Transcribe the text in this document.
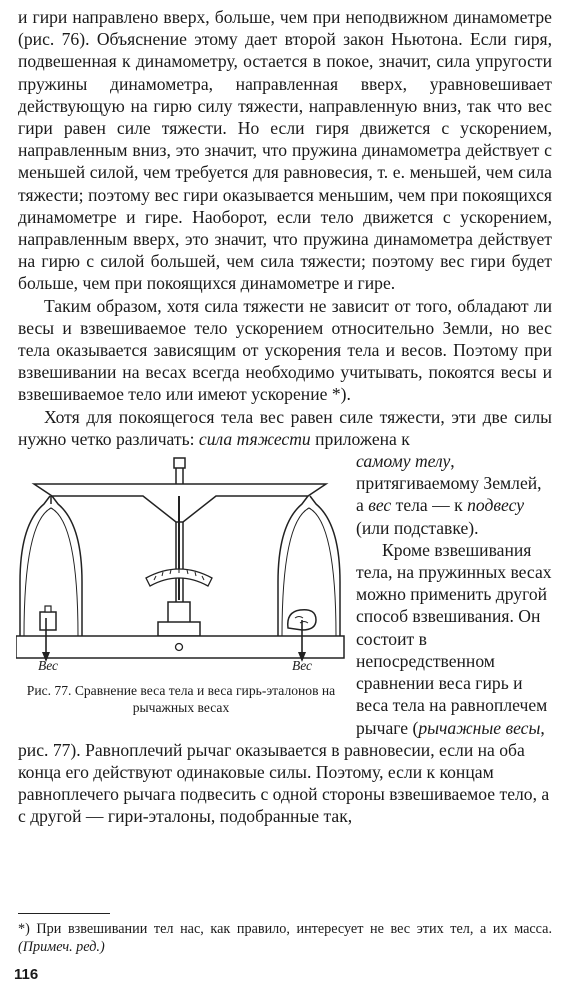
и гири направлено вверх, больше, чем при неподвижном динамометре (рис. 76). Объяснение этому дает второй закон Ньютона. Если гиря, подвешенная к динамометру, остается в покое, значит, сила упругости пружины динамометра, направленная вверх, уравновешивает действующую на гирю силу тяжести, направленную вниз, так что вес гири равен силе тяжести. Но если гиря движется с ускорением, направленным вниз, это значит, что пружина динамометра действует с меньшей силой, чем требуется для равновесия, т. е. меньшей, чем сила тяжести; поэтому вес гири оказывается меньшим, чем при покоящихся динамометре и гире. Наоборот, если тело движется с ускорением, направленным вверх, это значит, что пружина динамометра действует на гирю с силой большей, чем сила тяжести; поэтому вес гири будет больше, чем при покоящихся динамометре и гире.

Таким образом, хотя сила тяжести не зависит от того, обладают ли весы и взвешиваемое тело ускорением относительно Земли, но вес тела оказывается зависящим от ускорения тела и весов. Поэтому при взвешивании на весах всегда необходимо учитывать, покоятся весы и взвешиваемое тело или имеют ускорение *).

Хотя для покоящегося тела вес равен силе тяжести, эти две силы нужно четко различать: сила тяжести приложена к

Вес	Вес
Рис. 77. Сравнение веса тела и веса гирь-эталонов на рычажных весах

самому телу, притягиваемому Землей, а вес тела — к подвесу (или подставке).
Кроме взвешивания тела, на пружинных весах можно применить другой способ взвешивания. Он состоит в непосредственном сравнении веса гирь и веса тела на равноплечем рычаге (рычажные весы, рис. 77). Равноплечий рычаг оказывается в равновесии, если на оба конца его действуют одинаковые силы. Поэтому, если к концам равноплечего рычага подвесить с одной стороны взвешиваемое тело, а с другой — гири-эталоны, подобранные так,

*) При взвешивании тел нас, как правило, интересует не вес этих тел, а их масса. (Примеч. ред.)

116
